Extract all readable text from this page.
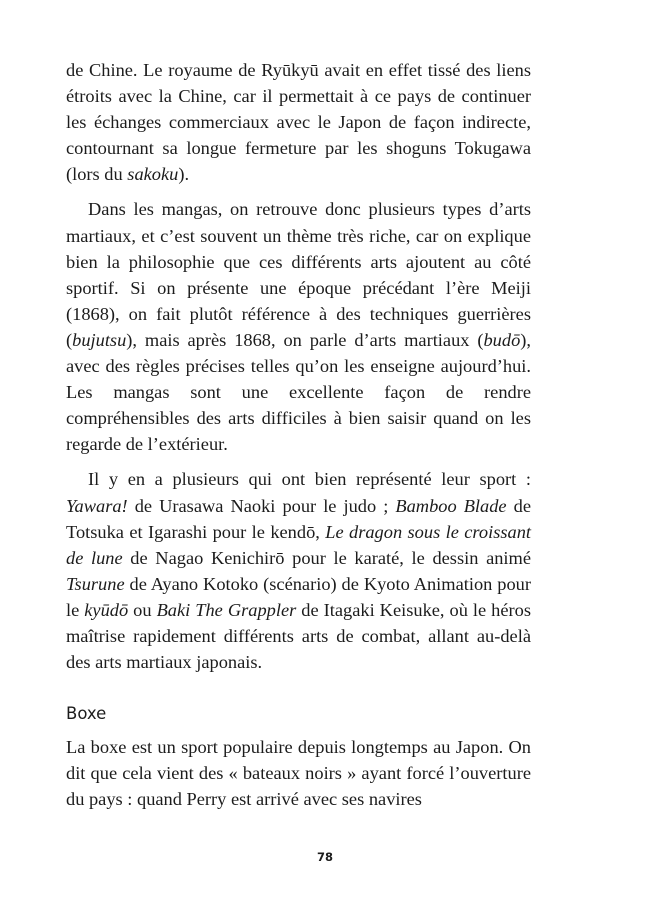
de Chine. Le royaume de Ryūkyū avait en effet tissé des liens étroits avec la Chine, car il permettait à ce pays de continuer les échanges commerciaux avec le Japon de façon indirecte, contournant sa longue fermeture par les shoguns Tokugawa (lors du sakoku).

Dans les mangas, on retrouve donc plusieurs types d’arts martiaux, et c’est souvent un thème très riche, car on explique bien la philosophie que ces différents arts ajoutent au côté sportif. Si on présente une époque précédant l’ère Meiji (1868), on fait plutôt référence à des techniques guerrières (bujutsu), mais après 1868, on parle d’arts martiaux (budō), avec des règles précises telles qu’on les enseigne aujourd’hui. Les mangas sont une excellente façon de rendre compréhensibles des arts difficiles à bien saisir quand on les regarde de l’extérieur.

Il y en a plusieurs qui ont bien représenté leur sport : Yawara! de Urasawa Naoki pour le judo ; Bamboo Blade de Totsuka et Igarashi pour le kendō, Le dragon sous le croissant de lune de Nagao Kenichirō pour le karaté, le dessin animé Tsurune de Ayano Kotoko (scénario) de Kyoto Animation pour le kyūdō ou Baki The Grappler de Itagaki Keisuke, où le héros maîtrise rapidement différents arts de combat, allant au-delà des arts martiaux japonais.

Boxe

La boxe est un sport populaire depuis longtemps au Japon. On dit que cela vient des « bateaux noirs » ayant forcé l’ouverture du pays : quand Perry est arrivé avec ses navires

78
